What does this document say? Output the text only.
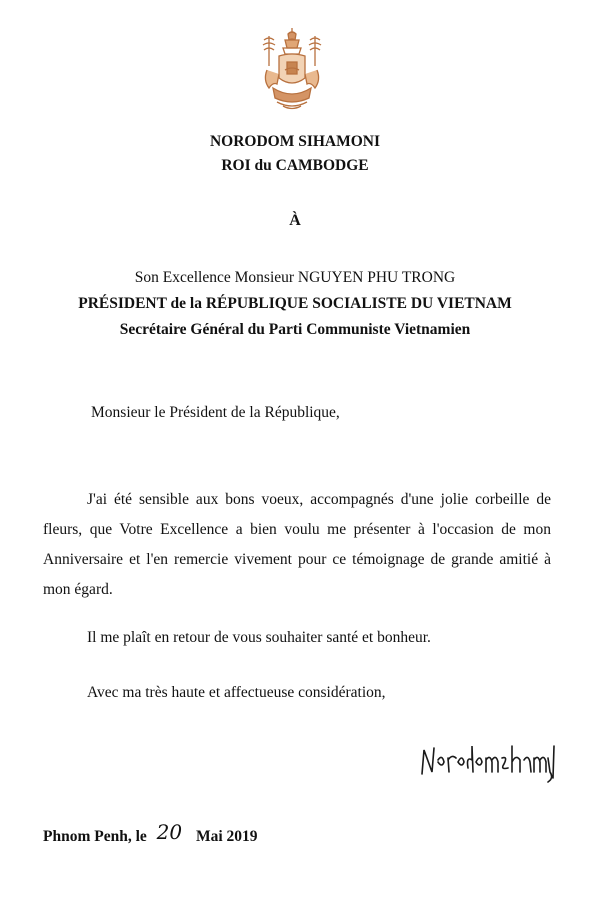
NORODOM SIHAMONI
ROI du CAMBODGE
À
Son Excellence Monsieur NGUYEN PHU TRONG
PRÉSIDENT de la RÉPUBLIQUE SOCIALISTE DU VIETNAM
Secrétaire Général du Parti Communiste Vietnamien
Monsieur le Président de la République,

J'ai été sensible aux bons voeux, accompagnés d'une jolie corbeille de fleurs, que Votre Excellence a bien voulu me présenter à l'occasion de mon Anniversaire et l'en remercie vivement pour ce témoignage de grande amitié à mon égard.

Il me plaît en retour de vous souhaiter santé et bonheur.
Avec ma très haute et affectueuse considération,
Phnom Penh, le 20 Mai 2019
